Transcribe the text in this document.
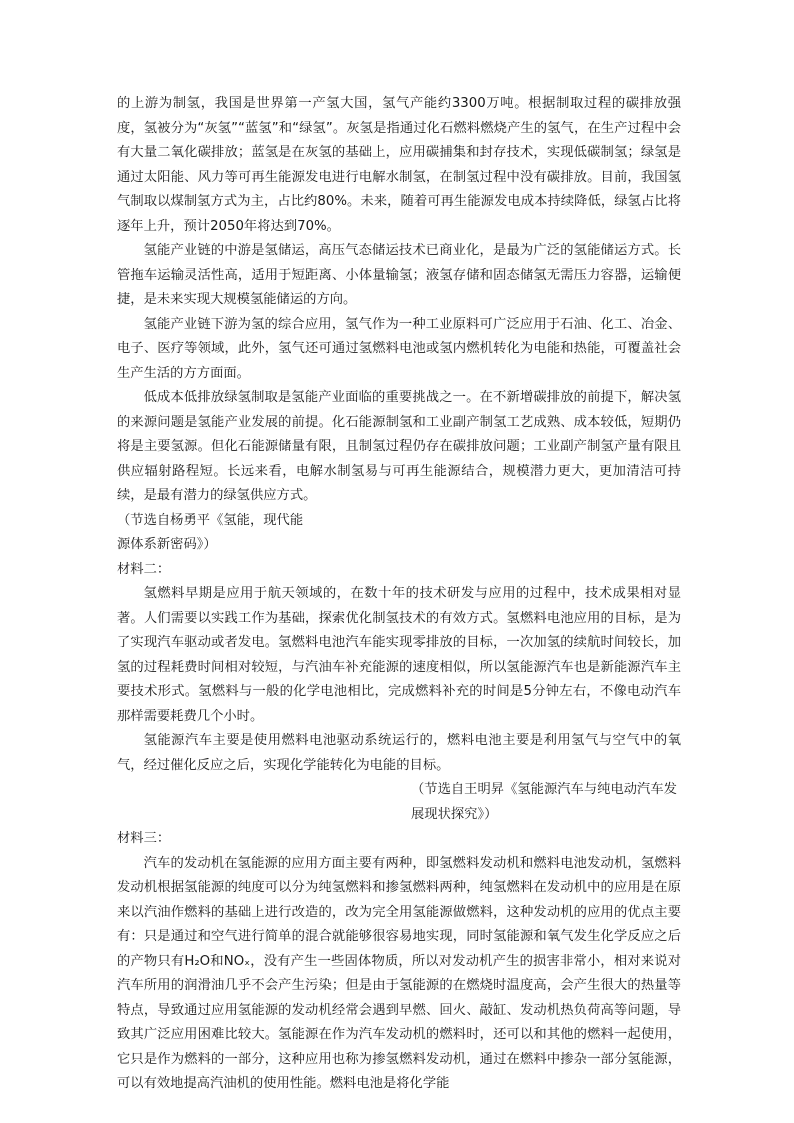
的上游为制氢，我国是世界第一产氢大国，氢气产能约3300万吨。根据制取过程的碳排放强度，氢被分为“灰氢”“蓝氢”和“绿氢”。灰氢是指通过化石燃料燃烧产生的氢气，在生产过程中会有大量二氧化碳排放；蓝氢是在灰氢的基础上，应用碳捕集和封存技术，实现低碳制氢；绿氢是通过太阳能、风力等可再生能源发电进行电解水制氢，在制氢过程中没有碳排放。目前，我国氢气制取以煤制氢方式为主，占比约80%。未来，随着可再生能源发电成本持续降低，绿氢占比将逐年上升，预计2050年将达到70%。

氢能产业链的中游是氢储运，高压气态储运技术已商业化，是最为广泛的氢能储运方式。长管拖车运输灵活性高，适用于短距离、小体量输氢；液氢存储和固态储氢无需压力容器，运输便捷，是未来实现大规模氢能储运的方向。

氢能产业链下游为氢的综合应用，氢气作为一种工业原料可广泛应用于石油、化工、冶金、电子、医疗等领域，此外，氢气还可通过氢燃料电池或氢内燃机转化为电能和热能，可覆盖社会生产生活的方方面面。

低成本低排放绿氢制取是氢能产业面临的重要挑战之一。在不新增碳排放的前提下，解决氢的来源问题是氢能产业发展的前提。化石能源制氢和工业副产制氢工艺成熟、成本较低，短期仍将是主要氢源。但化石能源储量有限，且制氢过程仍存在碳排放问题；工业副产制氢产量有限且供应辐射路程短。长远来看，电解水制氢易与可再生能源结合，规模潜力更大，更加清洁可持续，是最有潜力的绿氢供应方式。

（节选自杨勇平《氢能，现代能源体系新密码》）

材料二：

氢燃料早期是应用于航天领域的，在数十年的技术研发与应用的过程中，技术成果相对显著。人们需要以实践工作为基础，探索优化制氢技术的有效方式。氢燃料电池应用的目标，是为了实现汽车驱动或者发电。氢燃料电池汽车能实现零排放的目标，一次加氢的续航时间较长，加氢的过程耗费时间相对较短，与汽油车补充能源的速度相似，所以氢能源汽车也是新能源汽车主要技术形式。氢燃料与一般的化学电池相比，完成燃料补充的时间是5分钟左右，不像电动汽车那样需要耗费几个小时。

氢能源汽车主要是使用燃料电池驱动系统运行的，燃料电池主要是利用氢气与空气中的氧气，经过催化反应之后，实现化学能转化为电能的目标。

（节选自王明昇《氢能源汽车与纯电动汽车发展现状探究》）

材料三：

汽车的发动机在氢能源的应用方面主要有两种，即氢燃料发动机和燃料电池发动机，氢燃料发动机根据氢能源的纯度可以分为纯氢燃料和掺氢燃料两种，纯氢燃料在发动机中的应用是在原来以汽油作燃料的基础上进行改造的，改为完全用氢能源做燃料，这种发动机的应用的优点主要有：只是通过和空气进行简单的混合就能够很容易地实现，同时氢能源和氧气发生化学反应之后的产物只有H₂O和NOₓ，没有产生一些固体物质，所以对发动机产生的损害非常小，相对来说对汽车所用的润滑油几乎不会产生污染；但是由于氢能源的在燃烧时温度高，会产生很大的热量等特点，导致通过应用氢能源的发动机经常会遇到早燃、回火、敲缸、发动机热负荷高等问题，导致其广泛应用困难比较大。氢能源在作为汽车发动机的燃料时，还可以和其他的燃料一起使用，它只是作为燃料的一部分，这种应用也称为掺氢燃料发动机，通过在燃料中掺杂一部分氢能源，可以有效地提高汽油机的使用性能。燃料电池是将化学能
